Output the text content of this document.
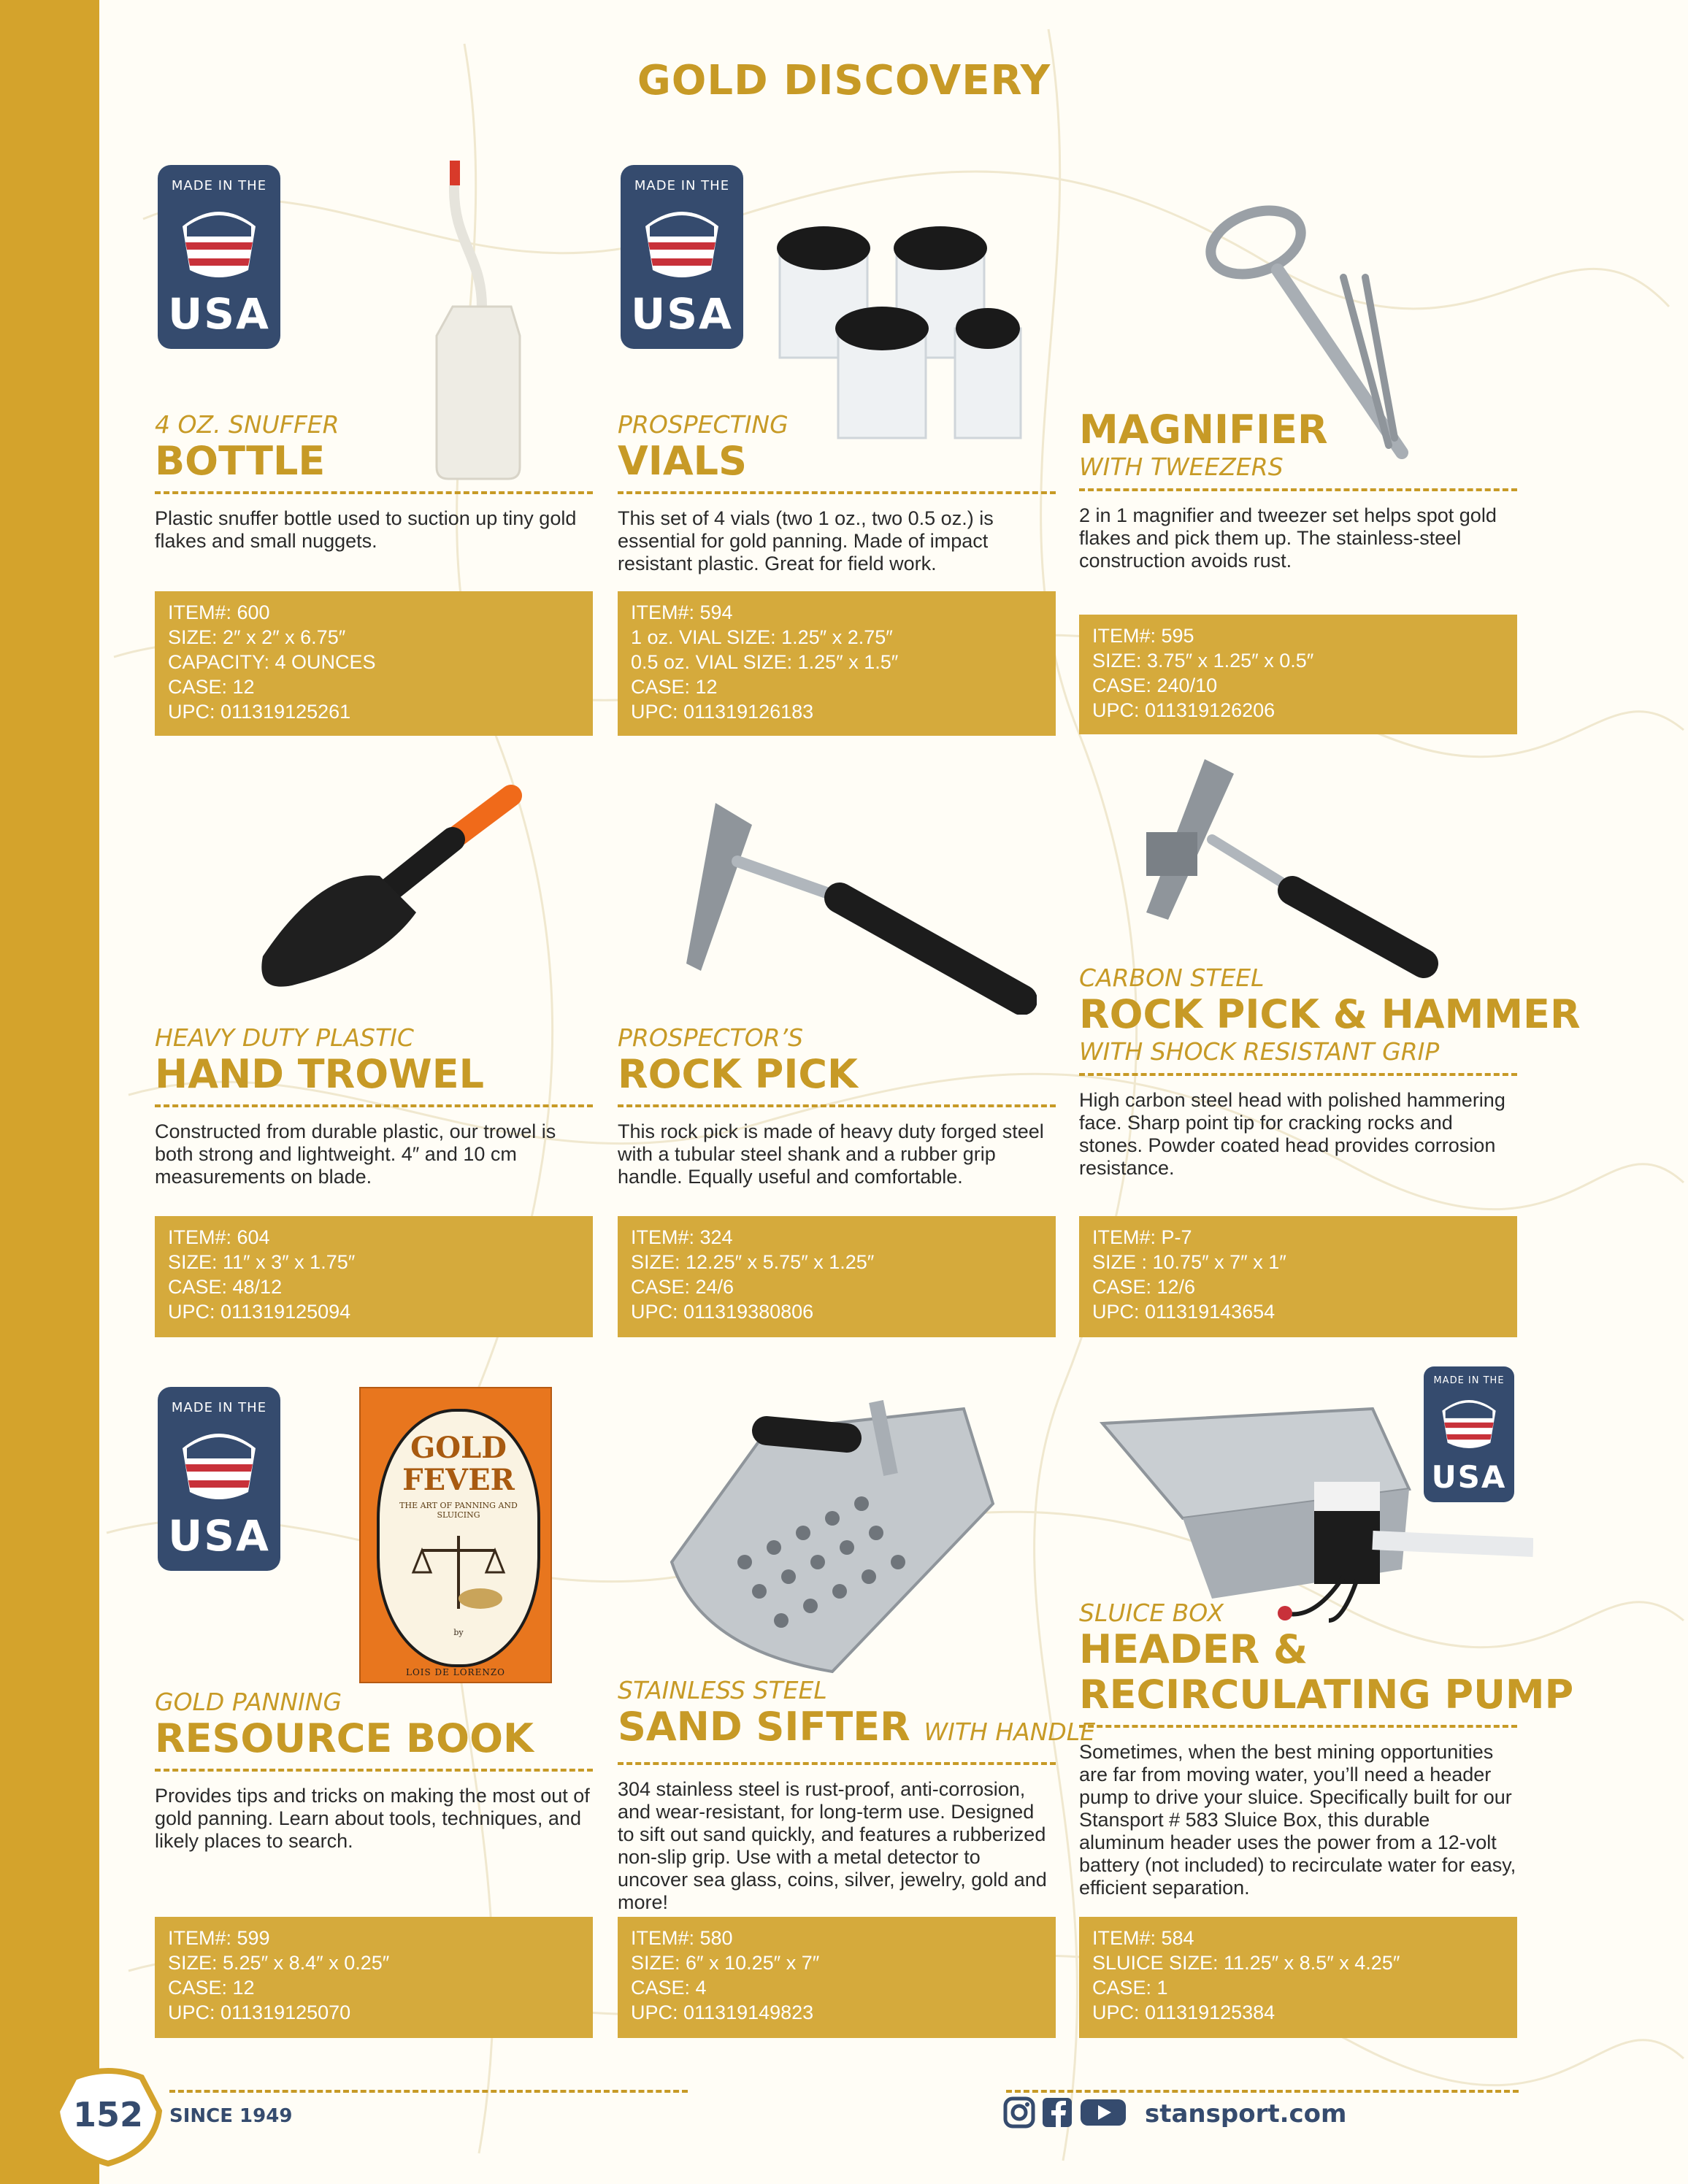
GOLD DISCOVERY
MADE IN THE
USA
4 OZ. SNUFFER
BOTTLE
Plastic snuffer bottle used to suction up tiny gold flakes and small nuggets.
ITEM#: 600
SIZE: 2″ x 2″ x 6.75″
CAPACITY: 4 OUNCES
CASE: 12
UPC: 011319125261
MADE IN THE
USA
PROSPECTING
VIALS
This set of 4 vials (two 1 oz., two 0.5 oz.) is essential for gold panning. Made of impact resistant plastic. Great for field work.
ITEM#: 594
1 oz. VIAL SIZE: 1.25″ x 2.75″
0.5 oz. VIAL SIZE: 1.25″ x 1.5″
CASE: 12
UPC: 011319126183
MAGNIFIER
WITH TWEEZERS
2 in 1 magnifier and tweezer set helps spot gold flakes and pick them up. The stainless-steel construction avoids rust.
ITEM#: 595
SIZE: 3.75″ x 1.25″ x 0.5″
CASE: 240/10
UPC: 011319126206
HEAVY DUTY PLASTIC
HAND TROWEL
Constructed from durable plastic, our trowel is both strong and lightweight. 4″ and 10 cm measurements on blade.
ITEM#: 604
SIZE: 11″ x 3″ x 1.75″
CASE: 48/12
UPC: 011319125094
PROSPECTOR’S
ROCK PICK
This rock pick is made of heavy duty forged steel with a tubular steel shank and a rubber grip handle. Equally useful and comfortable.
ITEM#: 324
SIZE: 12.25″ x 5.75″ x 1.25″
CASE: 24/6
UPC: 011319380806
CARBON STEEL
ROCK PICK & HAMMER
WITH SHOCK RESISTANT GRIP
High carbon steel head with polished hammering face. Sharp point tip for cracking rocks and stones. Powder coated head provides corrosion resistance.
ITEM#: P-7
SIZE : 10.75″ x 7″ x 1″
CASE: 12/6
UPC: 011319143654
MADE IN THE
USA
GOLD
FEVER
THE ART OF PANNING AND SLUICING
by
LOIS DE LORENZO
GOLD PANNING
RESOURCE BOOK
Provides tips and tricks on making the most out of gold panning. Learn about tools, techniques, and likely places to search.
ITEM#: 599
SIZE: 5.25″ x 8.4″ x 0.25″
CASE: 12
UPC: 011319125070
STAINLESS STEEL
SAND SIFTER WITH HANDLE
304 stainless steel is rust-proof, anti-corrosion, and wear-resistant, for long-term use. Designed to sift out sand quickly, and features a rubberized non-slip grip. Use with a metal detector to uncover sea glass, coins, silver, jewelry, gold and more!
ITEM#: 580
SIZE: 6″ x 10.25″ x 7″
CASE: 4
UPC: 011319149823
MADE IN THE
USA
SLUICE BOX
HEADER &
RECIRCULATING PUMP
Sometimes, when the best mining opportunities are far from moving water, you’ll need a header pump to drive your sluice. Specifically built for our Stansport # 583 Sluice Box, this durable aluminum header uses the power from a 12-volt battery (not included) to recirculate water for easy, efficient separation.
ITEM#: 584
SLUICE SIZE: 11.25″ x 8.5″ x 4.25″
CASE: 1
UPC: 011319125384
152	SINCE 1949	stansport.com
